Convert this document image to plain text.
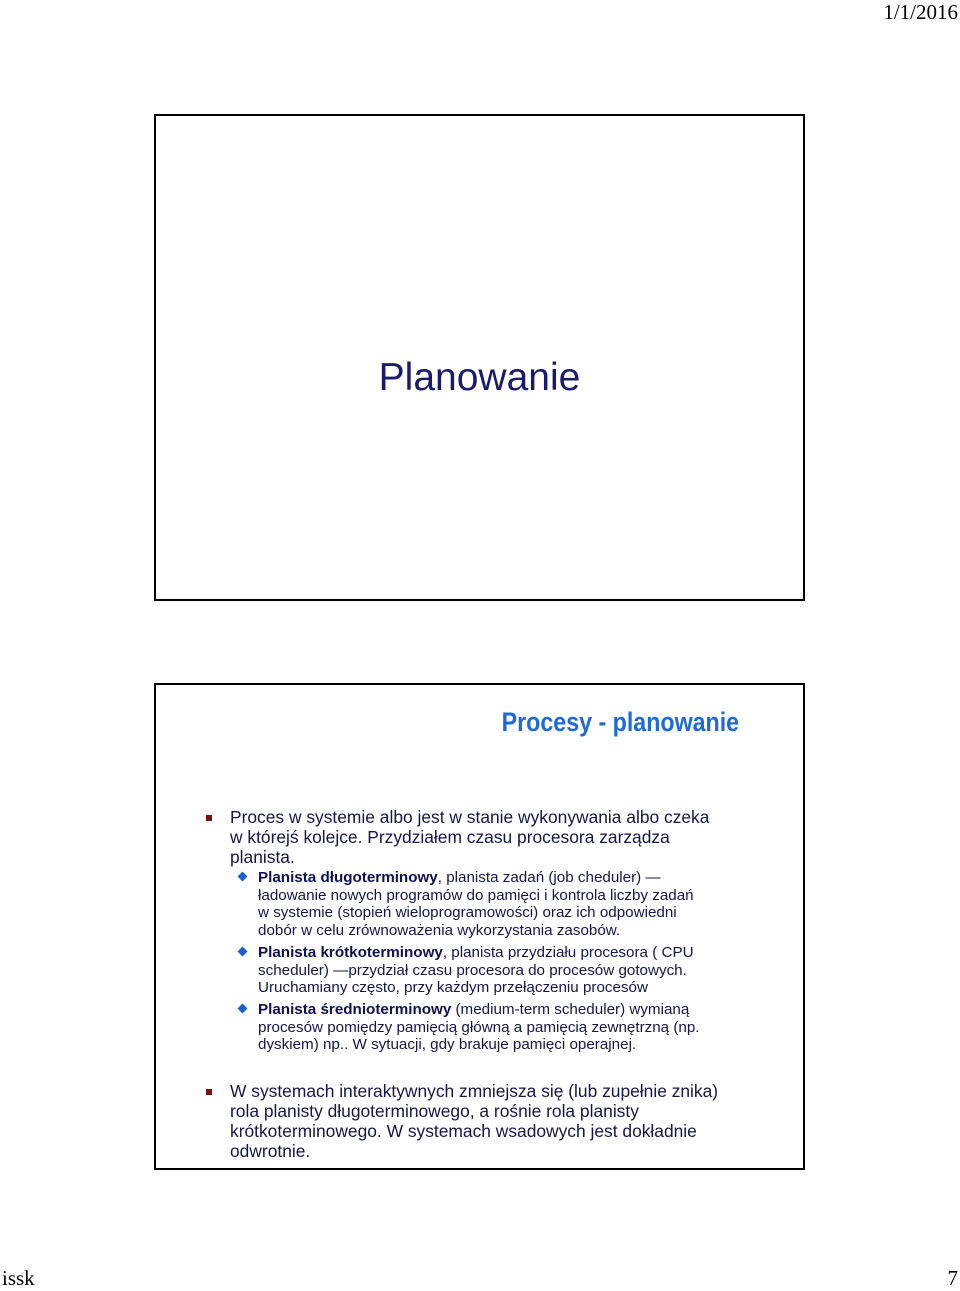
1/1/2016
Planowanie
Procesy - planowanie
Proces w systemie albo jest w stanie wykonywania albo czeka
w którejś kolejce. Przydziałem czasu procesora zarządza
planista.
Planista długoterminowy, planista zadań (job cheduler) —
ładowanie nowych programów do pamięci i kontrola liczby zadań
w systemie (stopień wieloprogramowości) oraz ich odpowiedni
dobór w celu zrównoważenia wykorzystania zasobów.
Planista krótkoterminowy, planista przydziału procesora ( CPU
scheduler) —przydział czasu procesora do procesów gotowych.
Uruchamiany często, przy każdym przełączeniu procesów
Planista średnioterminowy (medium-term scheduler) wymianą
procesów pomiędzy pamięcią główną a pamięcią zewnętrzną (np.
dyskiem) np.. W sytuacji, gdy brakuje pamięci operajnej.
W systemach interaktywnych zmniejsza się (lub zupełnie znika)
rola planisty długoterminowego, a rośnie rola planisty
krótkoterminowego. W systemach wsadowych jest dokładnie
odwrotnie.
issk	7
